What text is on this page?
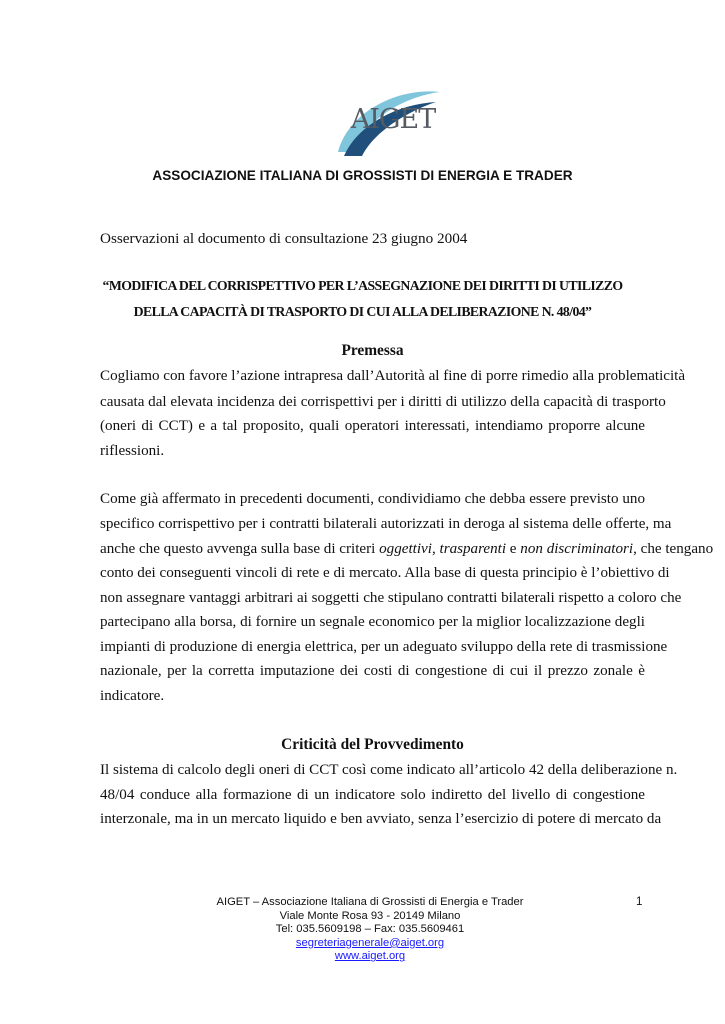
AIGET
ASSOCIAZIONE ITALIANA DI GROSSISTI DI ENERGIA E TRADER
Osservazioni al documento di consultazione 23 giugno 2004
“MODIFICA DEL CORRISPETTIVO PER L’ASSEGNAZIONE DEI DIRITTI DI UTILIZZO
DELLA CAPACITÀ DI TRASPORTO DI CUI ALLA DELIBERAZIONE N. 48/04”
Premessa
Cogliamo con favore l’azione intrapresa dall’Autorità al fine di porre rimedio alla problematicità
causata dal elevata incidenza dei corrispettivi per i diritti di utilizzo della capacità di trasporto
(oneri di CCT) e a tal proposito, quali operatori interessati, intendiamo proporre alcune
riflessioni.
Come già affermato in precedenti documenti, condividiamo che debba essere previsto uno
specifico corrispettivo per i contratti bilaterali autorizzati in deroga al sistema delle offerte, ma
anche che questo avvenga sulla base di criteri oggettivi, trasparenti e non discriminatori, che tengano
conto dei conseguenti vincoli di rete e di mercato. Alla base di questa principio è l’obiettivo di
non assegnare vantaggi arbitrari ai soggetti che stipulano contratti bilaterali rispetto a coloro che
partecipano alla borsa, di fornire un segnale economico per la miglior localizzazione degli
impianti di produzione di energia elettrica, per un adeguato sviluppo della rete di trasmissione
nazionale, per la corretta imputazione dei costi di congestione di cui il prezzo zonale è
indicatore.
Criticità del Provvedimento
Il sistema di calcolo degli oneri di CCT così come indicato all’articolo 42 della deliberazione n.
48/04 conduce alla formazione di un indicatore solo indiretto del livello di congestione
interzonale, ma in un mercato liquido e ben avviato, senza l’esercizio di potere di mercato da
AIGET – Associazione Italiana di Grossisti di Energia e Trader
Viale Monte Rosa 93 - 20149 Milano
Tel: 035.5609198 – Fax: 035.5609461
segreteriagenerale@aiget.org
www.aiget.org
1
